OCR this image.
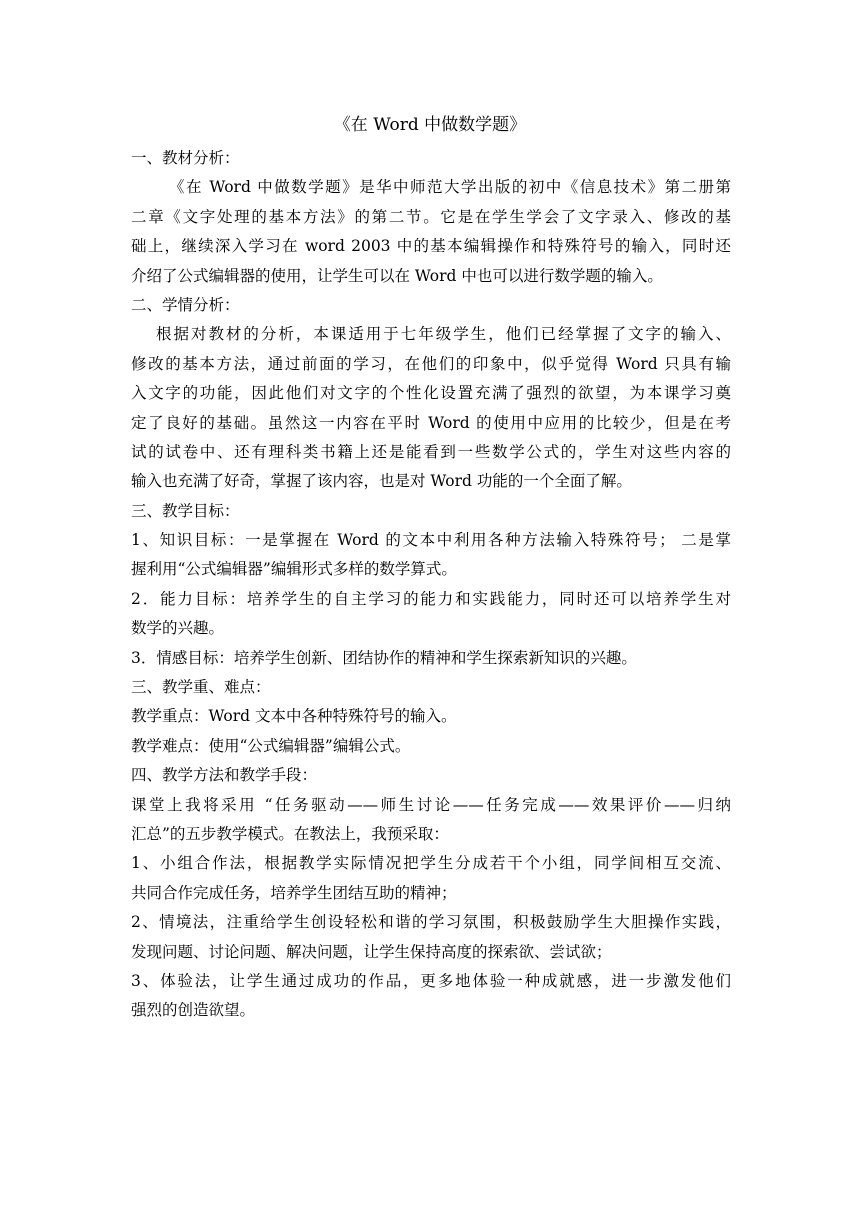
《在 Word 中做数学题》
一、教材分析：
《在 Word 中做数学题》是华中师范大学出版的初中《信息技术》第二册第
二章《文字处理的基本方法》的第二节。它是在学生学会了文字录入、修改的基
础上，继续深入学习在 word 2003 中的基本编辑操作和特殊符号的输入，同时还
介绍了公式编辑器的使用，让学生可以在 Word 中也可以进行数学题的输入。
二、学情分析：
根据对教材的分析，本课适用于七年级学生，他们已经掌握了文字的输入、
修改的基本方法，通过前面的学习，在他们的印象中，似乎觉得 Word 只具有输
入文字的功能，因此他们对文字的个性化设置充满了强烈的欲望，为本课学习奠
定了良好的基础。虽然这一内容在平时 Word 的使用中应用的比较少，但是在考
试的试卷中、还有理科类书籍上还是能看到一些数学公式的，学生对这些内容的
输入也充满了好奇，掌握了该内容，也是对 Word 功能的一个全面了解。
三、教学目标：
1、知识目标：一是掌握在 Word 的文本中利用各种方法输入特殊符号； 二是掌
握利用“公式编辑器”编辑形式多样的数学算式。
2．能力目标：培养学生的自主学习的能力和实践能力，同时还可以培养学生对
数学的兴趣。
3．情感目标：培养学生创新、团结协作的精神和学生探索新知识的兴趣。
三、教学重、难点：
教学重点：Word 文本中各种特殊符号的输入。
教学难点：使用“公式编辑器”编辑公式。
四、教学方法和教学手段：
课堂上我将采用 “任务驱动——师生讨论——任务完成——效果评价——归纳
汇总”的五步教学模式。在教法上，我预采取：
1、小组合作法，根据教学实际情况把学生分成若干个小组，同学间相互交流、
共同合作完成任务，培养学生团结互助的精神；
2、情境法，注重给学生创设轻松和谐的学习氛围，积极鼓励学生大胆操作实践，
发现问题、讨论问题、解决问题，让学生保持高度的探索欲、尝试欲；
3、体验法，让学生通过成功的作品，更多地体验一种成就感，进一步激发他们
强烈的创造欲望。
